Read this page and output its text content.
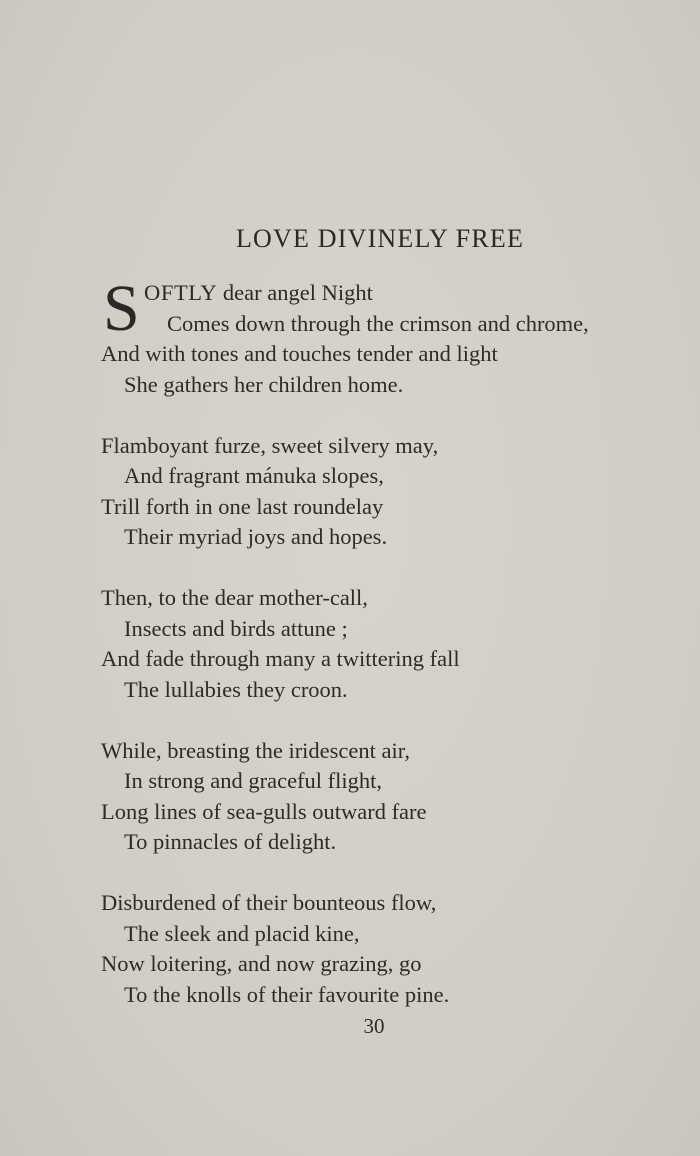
LOVE DIVINELY FREE
S OFTLY dear angel Night
Comes down through the crimson and chrome,
And with tones and touches tender and light
She gathers her children home.
Flamboyant furze, sweet silvery may,
And fragrant mánuka slopes,
Trill forth in one last roundelay
Their myriad joys and hopes.
Then, to the dear mother-call,
Insects and birds attune ;
And fade through many a twittering fall
The lullabies they croon.
While, breasting the iridescent air,
In strong and graceful flight,
Long lines of sea-gulls outward fare
To pinnacles of delight.
Disburdened of their bounteous flow,
The sleek and placid kine,
Now loitering, and now grazing, go
To the knolls of their favourite pine.
30
